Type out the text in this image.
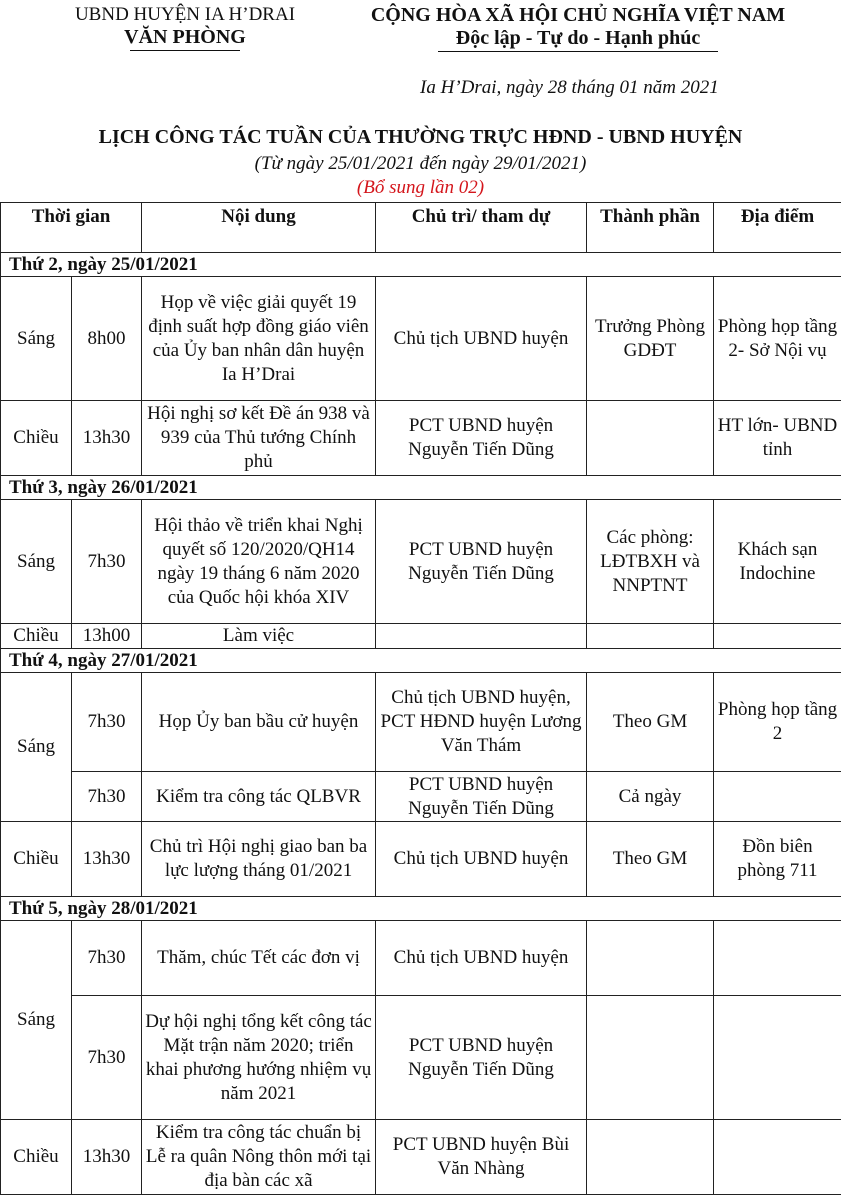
UBND HUYỆN IA H’DRAI
VĂN PHÒNG
CỘNG HÒA XÃ HỘI CHỦ NGHĨA VIỆT NAM
Độc lập - Tự do - Hạnh phúc
Ia H’Drai, ngày 28 tháng 01 năm 2021
LỊCH CÔNG TÁC TUẦN CỦA THƯỜNG TRỰC HĐND - UBND HUYỆN
(Từ ngày 25/01/2021 đến ngày 29/01/2021)
(Bổ sung lần 02)
Thời gian		Nội dung	Chủ trì/ tham dự	Thành phần	Địa điểm
Thứ 2, ngày 25/01/2021					
Sáng	8h00	Họp về việc giải quyết 19 định suất hợp đồng giáo viên của Ủy ban nhân dân huyện Ia H’Drai	Chủ tịch UBND huyện	Trưởng Phòng GDĐT	Phòng họp tầng 2- Sở Nội vụ
Chiều	13h30	Hội nghị sơ kết Đề án 938 và 939 của Thủ tướng Chính phủ	PCT UBND huyện Nguyễn Tiến Dũng		HT lớn- UBND tỉnh
Thứ 3, ngày 26/01/2021					
Sáng	7h30	Hội thảo về triển khai Nghị quyết số 120/2020/QH14 ngày 19 tháng 6 năm 2020 của Quốc hội khóa XIV	PCT UBND huyện Nguyễn Tiến Dũng	Các phòng: LĐTBXH và NNPTNT	Khách sạn Indochine
Chiều	13h00	Làm việc			
Thứ 4, ngày 27/01/2021					
Sáng	7h30	Họp Ủy ban bầu cử huyện	Chủ tịch UBND huyện, PCT HĐND huyện Lương Văn Thám	Theo GM	Phòng họp tầng 2
	7h30	Kiểm tra công tác QLBVR	PCT UBND huyện Nguyễn Tiến Dũng	Cả ngày	
Chiều	13h30	Chủ trì Hội nghị giao ban ba lực lượng tháng 01/2021	Chủ tịch UBND huyện	Theo GM	Đồn biên phòng 711
Thứ 5, ngày 28/01/2021					
Sáng	7h30	Thăm, chúc Tết các đơn vị	Chủ tịch UBND huyện		
	7h30	Dự hội nghị tổng kết công tác Mặt trận năm 2020; triển khai phương hướng nhiệm vụ năm 2021	PCT UBND huyện Nguyễn Tiến Dũng		
Chiều	13h30	Kiểm tra công tác chuẩn bị Lễ ra quân Nông thôn mới tại địa bàn các xã	PCT UBND huyện Bùi Văn Nhàng		
